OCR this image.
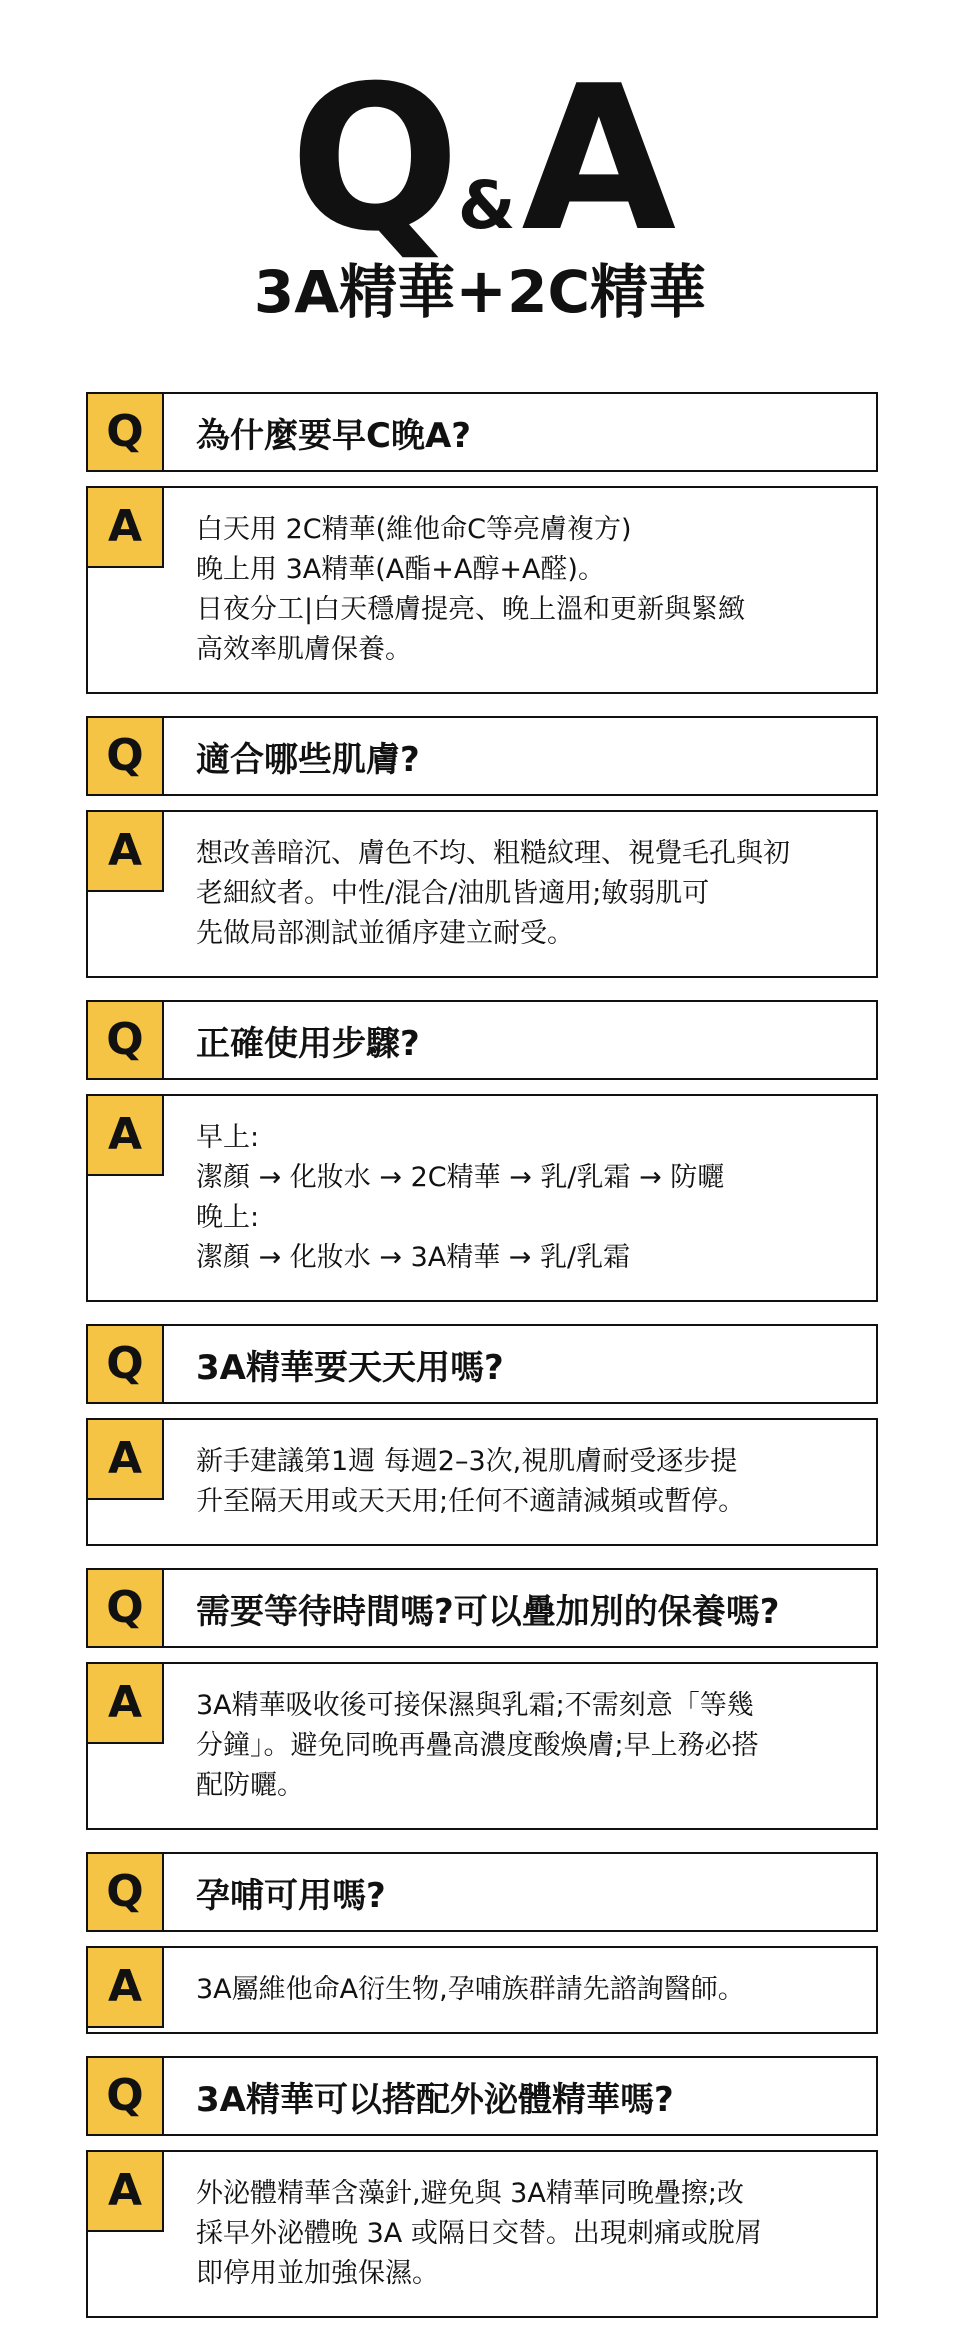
Q&A
3A精華+2C精華
Q	為什麼要早C晚A?
A	白天用 2C精華(維他命C等亮膚複方)
晚上用 3A精華(A酯+A醇+A醛)。
日夜分工|白天穩膚提亮、晚上溫和更新與緊緻
高效率肌膚保養。
Q	適合哪些肌膚?
A	想改善暗沉、膚色不均、粗糙紋理、視覺毛孔與初
老細紋者。中性/混合/油肌皆適用;敏弱肌可
先做局部測試並循序建立耐受。
Q	正確使用步驟?
A	早上:
潔顏 → 化妝水 → 2C精華 → 乳/乳霜 → 防曬
晚上:
潔顏 → 化妝水 → 3A精華 → 乳/乳霜
Q	3A精華要天天用嗎?
A	新手建議第1週 每週2–3次,視肌膚耐受逐步提
升至隔天用或天天用;任何不適請減頻或暫停。
Q	需要等待時間嗎?可以疊加別的保養嗎?
A	3A精華吸收後可接保濕與乳霜;不需刻意「等幾
分鐘」。避免同晚再疊高濃度酸煥膚;早上務必搭
配防曬。
Q	孕哺可用嗎?
A	3A屬維他命A衍生物,孕哺族群請先諮詢醫師。
Q	3A精華可以搭配外泌體精華嗎?
A	外泌體精華含藻針,避免與 3A精華同晚疊擦;改
採早外泌體晚 3A 或隔日交替。出現刺痛或脫屑
即停用並加強保濕。
